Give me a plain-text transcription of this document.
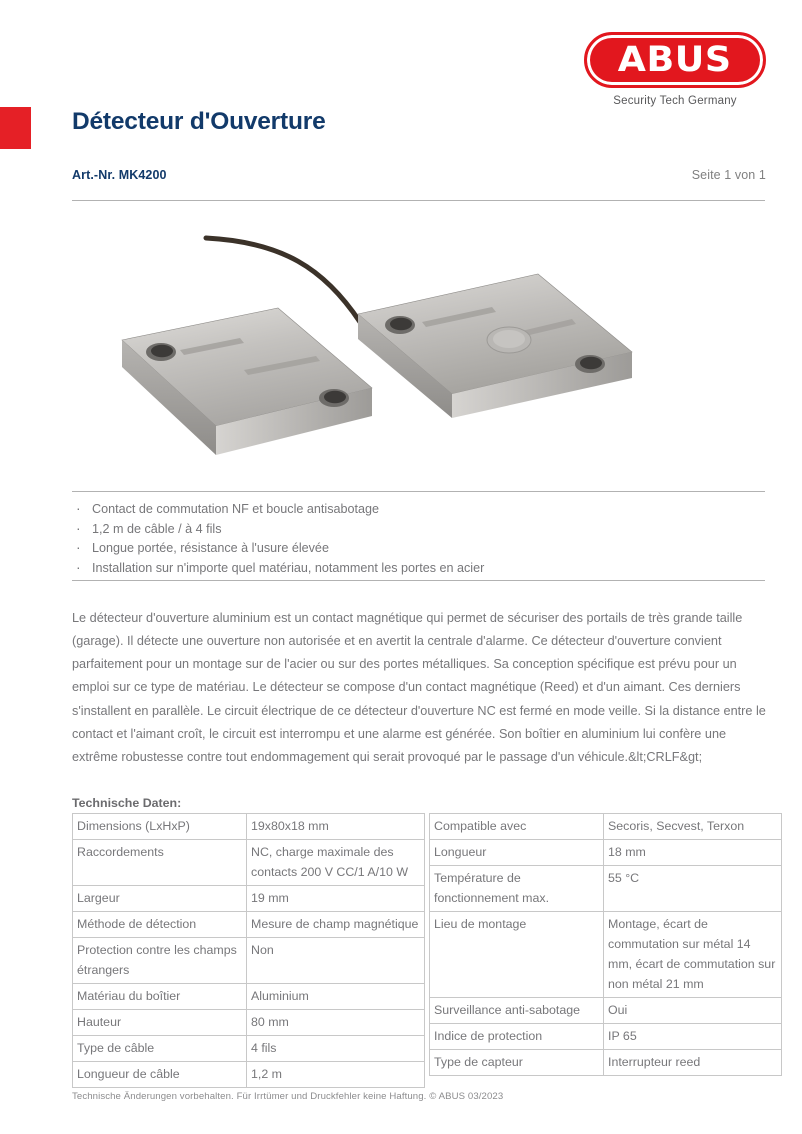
ABUS
Security Tech Germany
Détecteur d'Ouverture
Art.-Nr. MK4200	Seite 1 von 1
· Contact de commutation NF et boucle antisabotage
· 1,2 m de câble / à 4 fils
· Longue portée, résistance à l'usure élevée
· Installation sur n'importe quel matériau, notamment les portes en acier

Le détecteur d'ouverture aluminium est un contact magnétique qui permet de sécuriser des portails de très grande taille (garage). Il détecte une ouverture non autorisée et en avertit la centrale d'alarme. Ce détecteur d'ouverture convient parfaitement pour un montage sur de l'acier ou sur des portes métalliques. Sa conception spécifique est prévu pour un emploi sur ce type de matériau. Le détecteur se compose d'un contact magnétique (Reed) et d'un aimant. Ces derniers s'installent en parallèle. Le circuit électrique de ce détecteur d'ouverture NC est fermé en mode veille. Si la distance entre le contact et l'aimant croît, le circuit est interrompu et une alarme est générée. Son boîtier en aluminium lui confère une extrême robustesse contre tout endommagement qui serait provoqué par le passage d'un véhicule.&lt;CRLF&gt;

Technische Daten:
Dimensions (LxHxP)	19x80x18 mm
Raccordements	NC, charge maximale des contacts 200 V CC/1 A/10 W
Largeur	19 mm
Méthode de détection	Mesure de champ magnétique
Protection contre les champs étrangers	Non
Matériau du boîtier	Aluminium
Hauteur	80 mm
Type de câble	4 fils
Longueur de câble	1,2 m
Compatible avec	Secoris, Secvest, Terxon
Longueur	18 mm
Température de fonctionnement max.	55 °C
Lieu de montage	Montage, écart de commutation sur métal 14 mm, écart de commutation sur non métal 21 mm
Surveillance anti-sabotage	Oui
Indice de protection	IP 65
Type de capteur	Interrupteur reed
Technische Änderungen vorbehalten. Für Irrtümer und Druckfehler keine Haftung. © ABUS 03/2023
